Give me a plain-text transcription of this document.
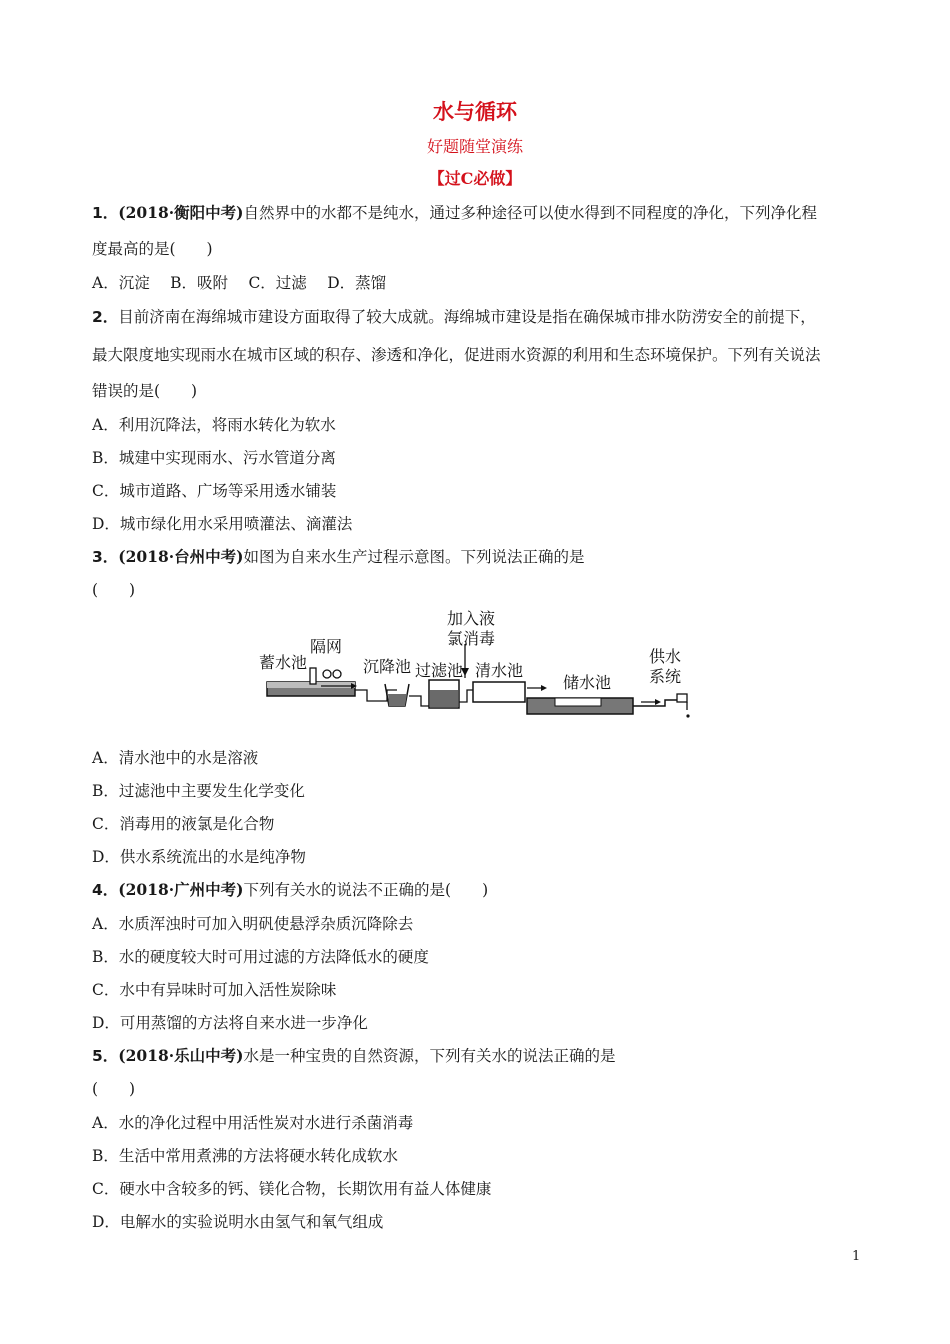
水与循环
好题随堂演练
【过C必做】
1．(2018·衡阳中考)自然界中的水都不是纯水，通过多种途径可以使水得到不同程度的净化，下列净化程
度最高的是(　　)
A．沉淀　 B．吸附　 C．过滤　 D．蒸馏
2．目前济南在海绵城市建设方面取得了较大成就。海绵城市建设是指在确保城市排水防涝安全的前提下，
最大限度地实现雨水在城市区域的积存、渗透和净化，促进雨水资源的利用和生态环境保护。下列有关说法
错误的是(　　)
A．利用沉降法，将雨水转化为软水
B．城建中实现雨水、污水管道分离
C．城市道路、广场等采用透水铺装
D．城市绿化用水采用喷灌法、滴灌法
3．(2018·台州中考)如图为自来水生产过程示意图。下列说法正确的是
(　　)
蓄水池
隔网
沉降池 过滤池
加入液
氯消毒
清水池
储水池
供水
系统
A．清水池中的水是溶液
B．过滤池中主要发生化学变化
C．消毒用的液氯是化合物
D．供水系统流出的水是纯净物
4．(2018·广州中考)下列有关水的说法不正确的是(　　)
A．水质浑浊时可加入明矾使悬浮杂质沉降除去
B．水的硬度较大时可用过滤的方法降低水的硬度
C．水中有异味时可加入活性炭除味
D．可用蒸馏的方法将自来水进一步净化
5．(2018·乐山中考)水是一种宝贵的自然资源，下列有关水的说法正确的是
(　　)
A．水的净化过程中用活性炭对水进行杀菌消毒
B．生活中常用煮沸的方法将硬水转化成软水
C．硬水中含较多的钙、镁化合物，长期饮用有益人体健康
D．电解水的实验说明水由氢气和氧气组成
1
